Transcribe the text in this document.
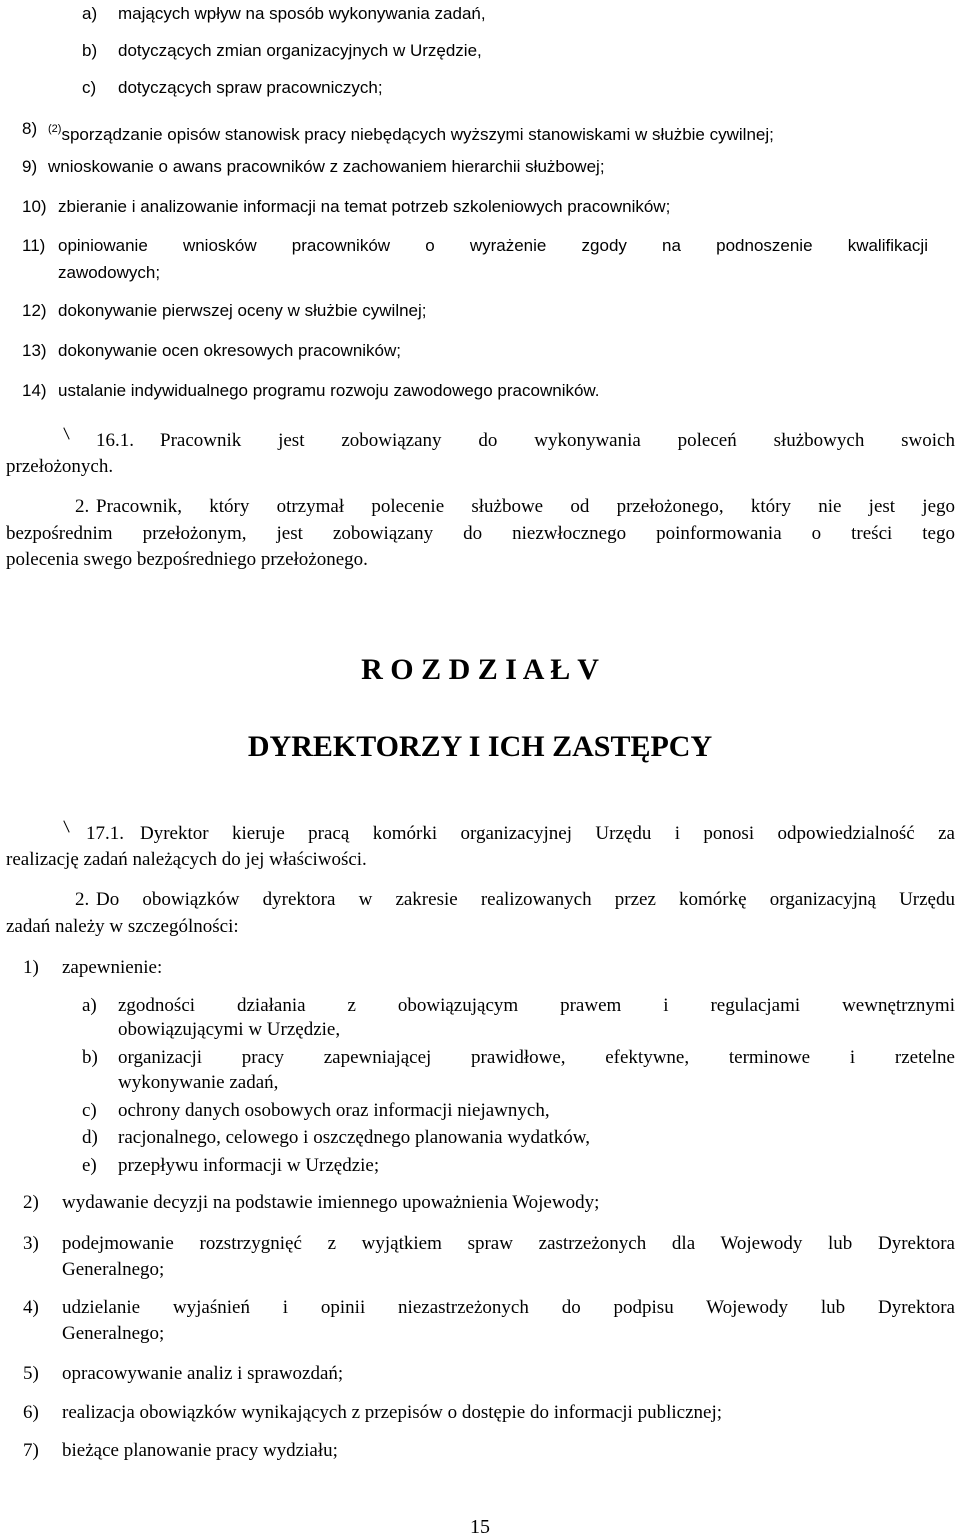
a) mających wpływ na sposób wykonywania zadań,
b) dotyczących zmian organizacyjnych w Urzędzie,
c) dotyczących spraw pracowniczych;
8) $^{(2)}$sporządzanie opisów stanowisk pracy niebędących wyższymi stanowiskami w służbie cywilnej;
9) wnioskowanie o awans pracowników z zachowaniem hierarchii służbowej;
10) zbieranie i analizowanie informacji na temat potrzeb szkoleniowych pracowników;
11) opiniowanie wniosków pracowników o wyrażenie zgody na podnoszenie kwalifikacji
zawodowych;
12) dokonywanie pierwszej oceny w służbie cywilnej;
13) dokonywanie ocen okresowych pracowników;
14) ustalanie indywidualnego programu rozwoju zawodowego pracowników.
16.1. Pracownik jest zobowiązany do wykonywania poleceń służbowych swoich
przełożonych.
2. Pracownik, który otrzymał polecenie służbowe od przełożonego, który nie jest jego
bezpośrednim przełożonym, jest zobowiązany do niezwłocznego poinformowania o treści tego
polecenia swego bezpośredniego przełożonego.
R O Z D Z I A Ł V
DYREKTORZY I ICH ZASTĘPCY
17.1. Dyrektor kieruje pracą komórki organizacyjnej Urzędu i ponosi odpowiedzialność za
realizację zadań należących do jej właściwości.
2. Do obowiązków dyrektora w zakresie realizowanych przez komórkę organizacyjną Urzędu
zadań należy w szczególności:
1) zapewnienie:
a) zgodności działania z obowiązującym prawem i regulacjami wewnętrznymi
obowiązującymi w Urzędzie,
b) organizacji pracy zapewniającej prawidłowe, efektywne, terminowe i rzetelne
wykonywanie zadań,
c) ochrony danych osobowych oraz informacji niejawnych,
d) racjonalnego, celowego i oszczędnego planowania wydatków,
e) przepływu informacji w Urzędzie;
2) wydawanie decyzji na podstawie imiennego upoważnienia Wojewody;
3) podejmowanie rozstrzygnięć z wyjątkiem spraw zastrzeżonych dla Wojewody lub Dyrektora
Generalnego;
4) udzielanie wyjaśnień i opinii niezastrzeżonych do podpisu Wojewody lub Dyrektora
Generalnego;
5) opracowywanie analiz i sprawozdań;
6) realizacja obowiązków wynikających z przepisów o dostępie do informacji publicznej;
7) bieżące planowanie pracy wydziału;
15
